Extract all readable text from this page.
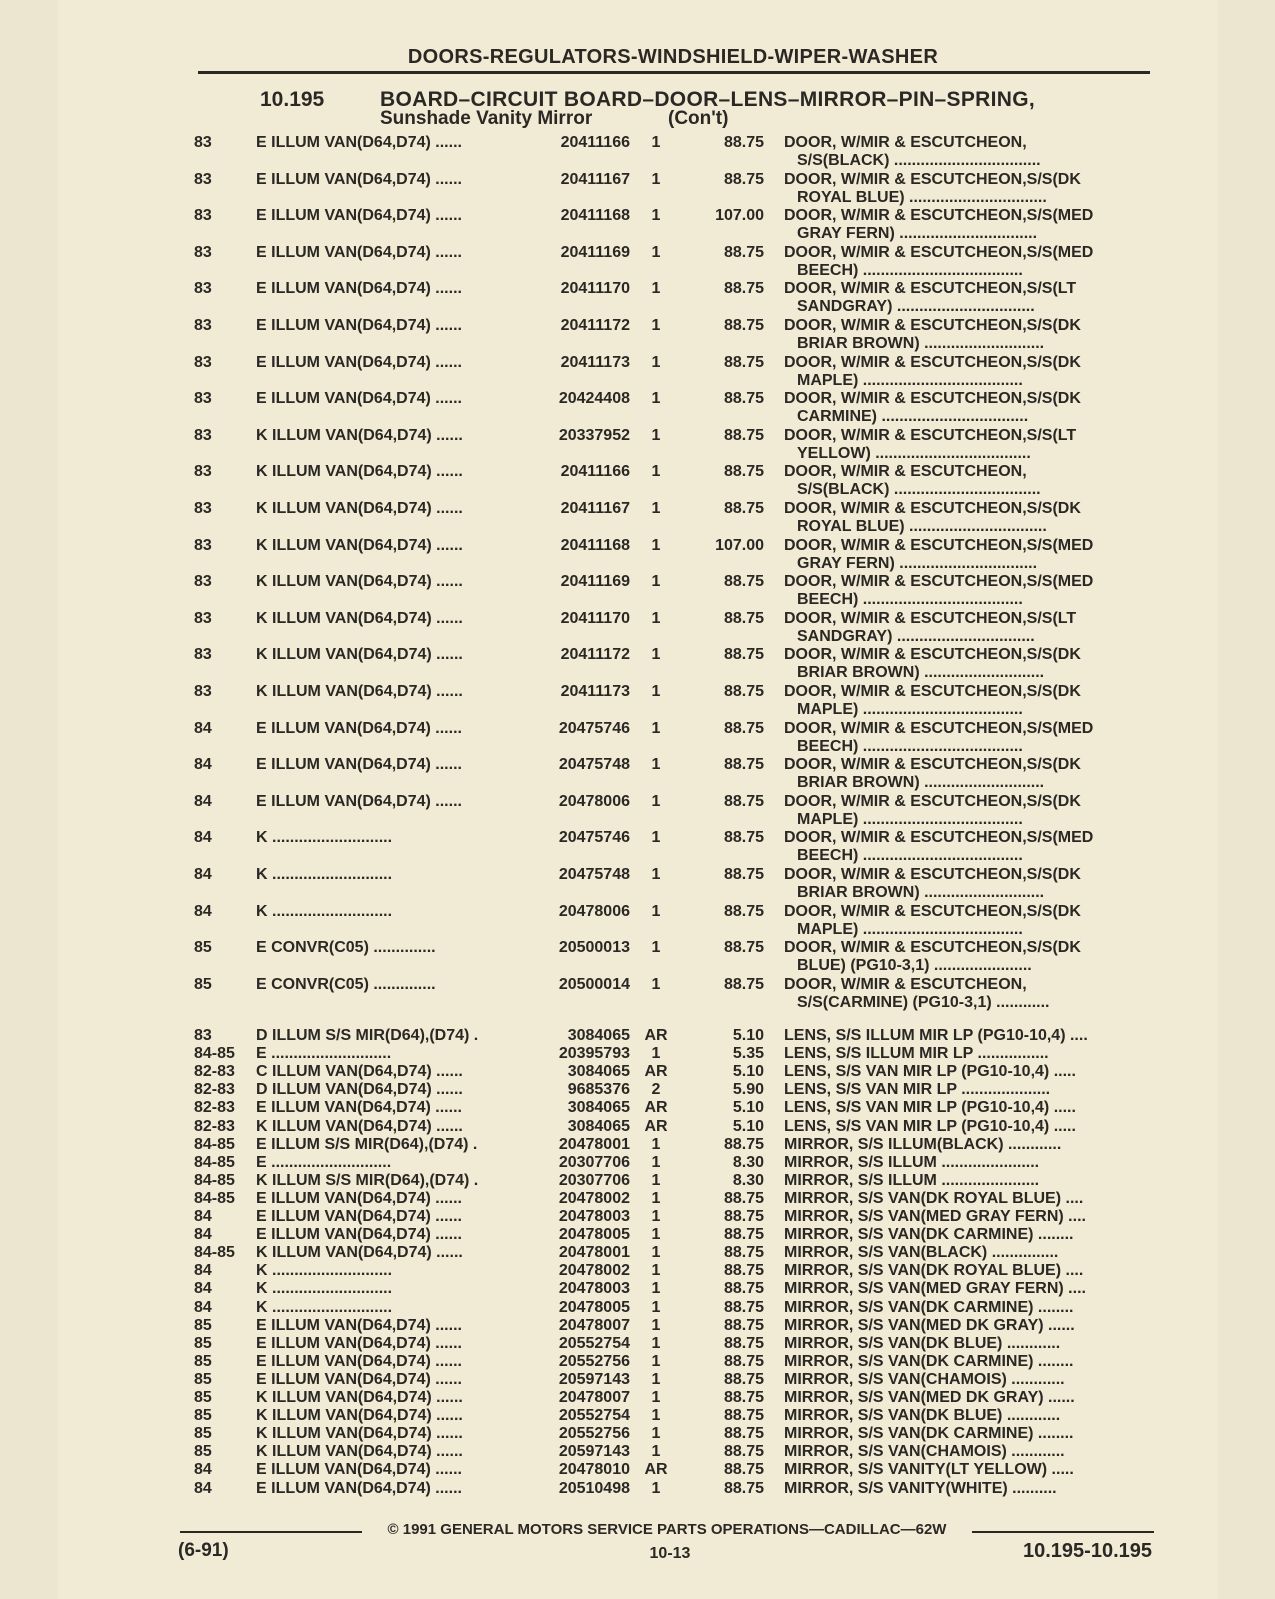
DOORS-REGULATORS-WINDSHIELD-WIPER-WASHER
10.195	BOARD–CIRCUIT BOARD–DOOR–LENS–MIRROR–PIN–SPRING,
Sunshade Vanity Mirror	(Con't)
83	E ILLUM VAN(D64,D74) ......	20411166	1	88.75 DOOR, W/MIR & ESCUTCHEON,
S/S(BLACK) .................................
83	E ILLUM VAN(D64,D74) ......	20411167	1	88.75 DOOR, W/MIR & ESCUTCHEON,S/S(DK
ROYAL BLUE) ...............................
83	E ILLUM VAN(D64,D74) ......	20411168	1	107.00 DOOR, W/MIR & ESCUTCHEON,S/S(MED
GRAY FERN) ...............................
83	E ILLUM VAN(D64,D74) ......	20411169	1	88.75 DOOR, W/MIR & ESCUTCHEON,S/S(MED
BEECH) ....................................
83	E ILLUM VAN(D64,D74) ......	20411170	1	88.75 DOOR, W/MIR & ESCUTCHEON,S/S(LT
SANDGRAY) ...............................
83	E ILLUM VAN(D64,D74) ......	20411172	1	88.75 DOOR, W/MIR & ESCUTCHEON,S/S(DK
BRIAR BROWN) ...........................
83	E ILLUM VAN(D64,D74) ......	20411173	1	88.75 DOOR, W/MIR & ESCUTCHEON,S/S(DK
MAPLE) ....................................
83	E ILLUM VAN(D64,D74) ......	20424408	1	88.75 DOOR, W/MIR & ESCUTCHEON,S/S(DK
CARMINE) .................................
83	K ILLUM VAN(D64,D74) ......	20337952	1	88.75 DOOR, W/MIR & ESCUTCHEON,S/S(LT
YELLOW) ...................................
83	K ILLUM VAN(D64,D74) ......	20411166	1	88.75 DOOR, W/MIR & ESCUTCHEON,
S/S(BLACK) .................................
83	K ILLUM VAN(D64,D74) ......	20411167	1	88.75 DOOR, W/MIR & ESCUTCHEON,S/S(DK
ROYAL BLUE) ...............................
83	K ILLUM VAN(D64,D74) ......	20411168	1	107.00 DOOR, W/MIR & ESCUTCHEON,S/S(MED
GRAY FERN) ...............................
83	K ILLUM VAN(D64,D74) ......	20411169	1	88.75 DOOR, W/MIR & ESCUTCHEON,S/S(MED
BEECH) ....................................
83	K ILLUM VAN(D64,D74) ......	20411170	1	88.75 DOOR, W/MIR & ESCUTCHEON,S/S(LT
SANDGRAY) ...............................
83	K ILLUM VAN(D64,D74) ......	20411172	1	88.75 DOOR, W/MIR & ESCUTCHEON,S/S(DK
BRIAR BROWN) ...........................
83	K ILLUM VAN(D64,D74) ......	20411173	1	88.75 DOOR, W/MIR & ESCUTCHEON,S/S(DK
MAPLE) ....................................
84	E ILLUM VAN(D64,D74) ......	20475746	1	88.75 DOOR, W/MIR & ESCUTCHEON,S/S(MED
BEECH) ....................................
84	E ILLUM VAN(D64,D74) ......	20475748	1	88.75 DOOR, W/MIR & ESCUTCHEON,S/S(DK
BRIAR BROWN) ...........................
84	E ILLUM VAN(D64,D74) ......	20478006	1	88.75 DOOR, W/MIR & ESCUTCHEON,S/S(DK
MAPLE) ....................................
84	K ...........................	20475746	1	88.75 DOOR, W/MIR & ESCUTCHEON,S/S(MED
BEECH) ....................................
84	K ...........................	20475748	1	88.75 DOOR, W/MIR & ESCUTCHEON,S/S(DK
BRIAR BROWN) ...........................
84	K ...........................	20478006	1	88.75 DOOR, W/MIR & ESCUTCHEON,S/S(DK
MAPLE) ....................................
85	E CONVR(C05) ..............	20500013	1	88.75 DOOR, W/MIR & ESCUTCHEON,S/S(DK
BLUE) (PG10-3,1) ......................
85	E CONVR(C05) ..............	20500014	1	88.75 DOOR, W/MIR & ESCUTCHEON,
S/S(CARMINE) (PG10-3,1) ............
83	D ILLUM S/S MIR(D64),(D74) .	3084065 AR	5.10 LENS, S/S ILLUM MIR LP (PG10-10,4) ....
84-85	E ...........................	20395793	1	5.35 LENS, S/S ILLUM MIR LP ................
82-83	C ILLUM VAN(D64,D74) ......	3084065 AR	5.10 LENS, S/S VAN MIR LP (PG10-10,4) .....
82-83	D ILLUM VAN(D64,D74) ......	9685376	2	5.90 LENS, S/S VAN MIR LP ....................
82-83	E ILLUM VAN(D64,D74) ......	3084065 AR	5.10 LENS, S/S VAN MIR LP (PG10-10,4) .....
82-83	K ILLUM VAN(D64,D74) ......	3084065 AR	5.10 LENS, S/S VAN MIR LP (PG10-10,4) .....
84-85	E ILLUM S/S MIR(D64),(D74) .	20478001	1	88.75 MIRROR, S/S ILLUM(BLACK) ............
84-85	E ...........................	20307706	1	8.30 MIRROR, S/S ILLUM ......................
84-85	K ILLUM S/S MIR(D64),(D74) .	20307706	1	8.30 MIRROR, S/S ILLUM ......................
84-85	E ILLUM VAN(D64,D74) ......	20478002	1	88.75 MIRROR, S/S VAN(DK ROYAL BLUE) ....
84	E ILLUM VAN(D64,D74) ......	20478003	1	88.75 MIRROR, S/S VAN(MED GRAY FERN) ....
84	E ILLUM VAN(D64,D74) ......	20478005	1	88.75 MIRROR, S/S VAN(DK CARMINE) ........
84-85	K ILLUM VAN(D64,D74) ......	20478001	1	88.75 MIRROR, S/S VAN(BLACK) ...............
84	K ...........................	20478002	1	88.75 MIRROR, S/S VAN(DK ROYAL BLUE) ....
84	K ...........................	20478003	1	88.75 MIRROR, S/S VAN(MED GRAY FERN) ....
84	K ...........................	20478005	1	88.75 MIRROR, S/S VAN(DK CARMINE) ........
85	E ILLUM VAN(D64,D74) ......	20478007	1	88.75 MIRROR, S/S VAN(MED DK GRAY) ......
85	E ILLUM VAN(D64,D74) ......	20552754	1	88.75 MIRROR, S/S VAN(DK BLUE) ............
85	E ILLUM VAN(D64,D74) ......	20552756	1	88.75 MIRROR, S/S VAN(DK CARMINE) ........
85	E ILLUM VAN(D64,D74) ......	20597143	1	88.75 MIRROR, S/S VAN(CHAMOIS) ............
85	K ILLUM VAN(D64,D74) ......	20478007	1	88.75 MIRROR, S/S VAN(MED DK GRAY) ......
85	K ILLUM VAN(D64,D74) ......	20552754	1	88.75 MIRROR, S/S VAN(DK BLUE) ............
85	K ILLUM VAN(D64,D74) ......	20552756	1	88.75 MIRROR, S/S VAN(DK CARMINE) ........
85	K ILLUM VAN(D64,D74) ......	20597143	1	88.75 MIRROR, S/S VAN(CHAMOIS) ............
84	E ILLUM VAN(D64,D74) ......	20478010 AR	88.75 MIRROR, S/S VANITY(LT YELLOW) .....
84	E ILLUM VAN(D64,D74) ......	20510498	1	88.75 MIRROR, S/S VANITY(WHITE) ..........
© 1991 GENERAL MOTORS SERVICE PARTS OPERATIONS—CADILLAC—62W
(6-91)	10-13	10.195-10.195
